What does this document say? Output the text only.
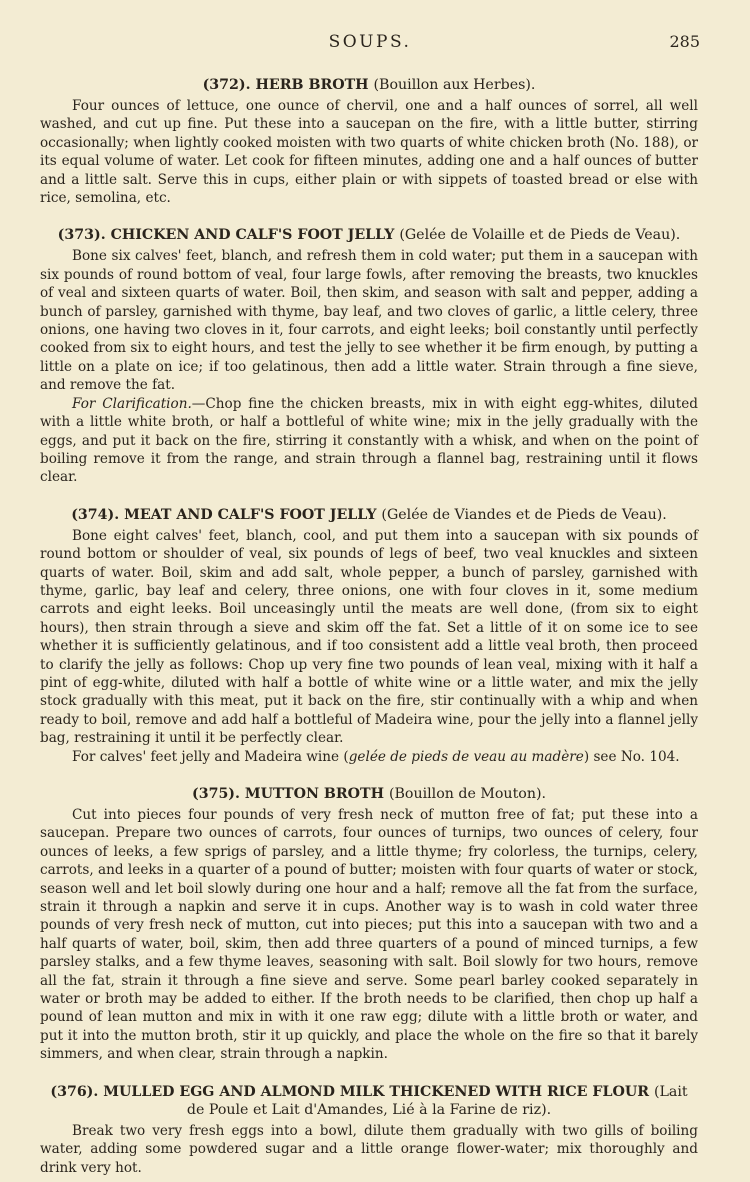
SOUPS.	285
(372). HERB BROTH (Bouillon aux Herbes).

Four ounces of lettuce, one ounce of chervil, one and a half ounces of sorrel, all well washed, and cut up fine. Put these into a saucepan on the fire, with a little butter, stirring occasionally; when lightly cooked moisten with two quarts of white chicken broth (No. 188), or its equal volume of water. Let cook for fifteen minutes, adding one and a half ounces of butter and a little salt. Serve this in cups, either plain or with sippets of toasted bread or else with rice, semolina, etc.

(373). CHICKEN AND CALF'S FOOT JELLY (Gelée de Volaille et de Pieds de Veau).

Bone six calves' feet, blanch, and refresh them in cold water; put them in a saucepan with six pounds of round bottom of veal, four large fowls, after removing the breasts, two knuckles of veal and sixteen quarts of water. Boil, then skim, and season with salt and pepper, adding a bunch of parsley, garnished with thyme, bay leaf, and two cloves of garlic, a little celery, three onions, one having two cloves in it, four carrots, and eight leeks; boil constantly until perfectly cooked from six to eight hours, and test the jelly to see whether it be firm enough, by putting a little on a plate on ice; if too gelatinous, then add a little water. Strain through a fine sieve, and remove the fat.

For Clarification.—Chop fine the chicken breasts, mix in with eight egg-whites, diluted with a little white broth, or half a bottleful of white wine; mix in the jelly gradually with the eggs, and put it back on the fire, stirring it constantly with a whisk, and when on the point of boiling remove it from the range, and strain through a flannel bag, restraining until it flows clear.

(374). MEAT AND CALF'S FOOT JELLY (Gelée de Viandes et de Pieds de Veau).

Bone eight calves' feet, blanch, cool, and put them into a saucepan with six pounds of round bottom or shoulder of veal, six pounds of legs of beef, two veal knuckles and sixteen quarts of water. Boil, skim and add salt, whole pepper, a bunch of parsley, garnished with thyme, garlic, bay leaf and celery, three onions, one with four cloves in it, some medium carrots and eight leeks. Boil unceasingly until the meats are well done, (from six to eight hours), then strain through a sieve and skim off the fat. Set a little of it on some ice to see whether it is sufficiently gelatinous, and if too consistent add a little veal broth, then proceed to clarify the jelly as follows: Chop up very fine two pounds of lean veal, mixing with it half a pint of egg-white, diluted with half a bottle of white wine or a little water, and mix the jelly stock gradually with this meat, put it back on the fire, stir continually with a whip and when ready to boil, remove and add half a bottleful of Madeira wine, pour the jelly into a flannel jelly bag, restraining it until it be perfectly clear.

For calves' feet jelly and Madeira wine (gelée de pieds de veau au madère) see No. 104.

(375). MUTTON BROTH (Bouillon de Mouton).

Cut into pieces four pounds of very fresh neck of mutton free of fat; put these into a saucepan. Prepare two ounces of carrots, four ounces of turnips, two ounces of celery, four ounces of leeks, a few sprigs of parsley, and a little thyme; fry colorless, the turnips, celery, carrots, and leeks in a quarter of a pound of butter; moisten with four quarts of water or stock, season well and let boil slowly during one hour and a half; remove all the fat from the surface, strain it through a napkin and serve it in cups. Another way is to wash in cold water three pounds of very fresh neck of mutton, cut into pieces; put this into a saucepan with two and a half quarts of water, boil, skim, then add three quarters of a pound of minced turnips, a few parsley stalks, and a few thyme leaves, seasoning with salt. Boil slowly for two hours, remove all the fat, strain it through a fine sieve and serve. Some pearl barley cooked separately in water or broth may be added to either. If the broth needs to be clarified, then chop up half a pound of lean mutton and mix in with it one raw egg; dilute with a little broth or water, and put it into the mutton broth, stir it up quickly, and place the whole on the fire so that it barely simmers, and when clear, strain through a napkin.

(376). MULLED EGG AND ALMOND MILK THICKENED WITH RICE FLOUR (Lait de Poule et Lait d'Amandes, Lié à la Farine de riz).

Break two very fresh eggs into a bowl, dilute them gradually with two gills of boiling water, adding some powdered sugar and a little orange flower-water; mix thoroughly and drink very hot.
